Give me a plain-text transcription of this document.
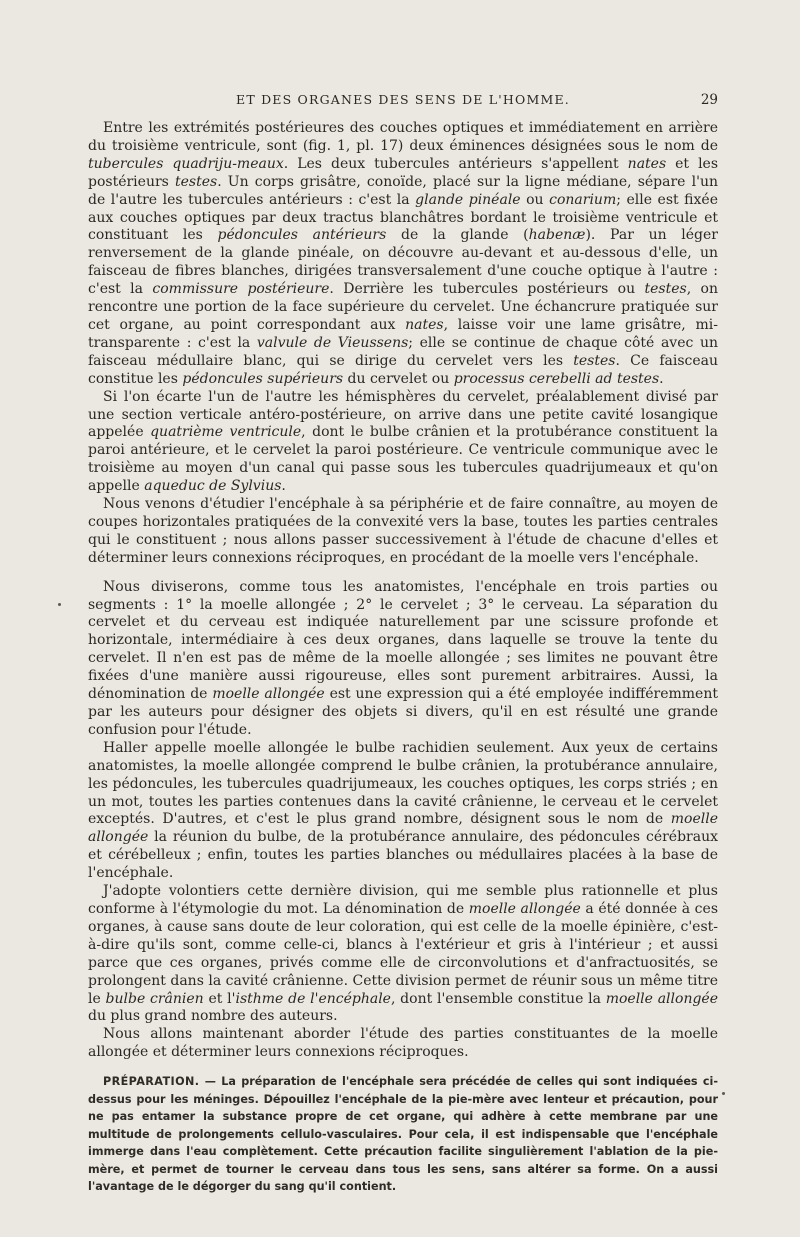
ET DES ORGANES DES SENS DE L'HOMME.	29

Entre les extrémités postérieures des couches optiques et immédiatement en arrière du troisième ventricule, sont (fig. 1, pl. 17) deux éminences désignées sous le nom de tubercules quadriju-meaux. Les deux tubercules antérieurs s'appellent nates et les postérieurs testes. Un corps grisâtre, conoïde, placé sur la ligne médiane, sépare l'un de l'autre les tubercules antérieurs : c'est la glande pinéale ou conarium; elle est fixée aux couches optiques par deux tractus blanchâtres bordant le troisième ventricule et constituant les pédoncules antérieurs de la glande (habenæ). Par un léger renversement de la glande pinéale, on découvre au-devant et au-dessous d'elle, un faisceau de fibres blanches, dirigées transversalement d'une couche optique à l'autre : c'est la commissure postérieure. Derrière les tubercules postérieurs ou testes, on rencontre une portion de la face supérieure du cervelet. Une échancrure pratiquée sur cet organe, au point correspondant aux nates, laisse voir une lame grisâtre, mi-transparente : c'est la valvule de Vieussens; elle se continue de chaque côté avec un faisceau médullaire blanc, qui se dirige du cervelet vers les testes. Ce faisceau constitue les pédoncules supérieurs du cervelet ou processus cerebelli ad testes.

Si l'on écarte l'un de l'autre les hémisphères du cervelet, préalablement divisé par une section verticale antéro-postérieure, on arrive dans une petite cavité losangique appelée quatrième ventricule, dont le bulbe crânien et la protubérance constituent la paroi antérieure, et le cervelet la paroi postérieure. Ce ventricule communique avec le troisième au moyen d'un canal qui passe sous les tubercules quadrijumeaux et qu'on appelle aqueduc de Sylvius.

Nous venons d'étudier l'encéphale à sa périphérie et de faire connaître, au moyen de coupes horizontales pratiquées de la convexité vers la base, toutes les parties centrales qui le constituent ; nous allons passer successivement à l'étude de chacune d'elles et déterminer leurs connexions réciproques, en procédant de la moelle vers l'encéphale.

Nous diviserons, comme tous les anatomistes, l'encéphale en trois parties ou segments : 1° la moelle allongée ; 2° le cervelet ; 3° le cerveau. La séparation du cervelet et du cerveau est indiquée naturellement par une scissure profonde et horizontale, intermédiaire à ces deux organes, dans laquelle se trouve la tente du cervelet. Il n'en est pas de même de la moelle allongée ; ses limites ne pouvant être fixées d'une manière aussi rigoureuse, elles sont purement arbitraires. Aussi, la dénomination de moelle allongée est une expression qui a été employée indifféremment par les auteurs pour désigner des objets si divers, qu'il en est résulté une grande confusion pour l'étude.

Haller appelle moelle allongée le bulbe rachidien seulement. Aux yeux de certains anatomistes, la moelle allongée comprend le bulbe crânien, la protubérance annulaire, les pédoncules, les tubercules quadrijumeaux, les couches optiques, les corps striés ; en un mot, toutes les parties contenues dans la cavité crânienne, le cerveau et le cervelet exceptés. D'autres, et c'est le plus grand nombre, désignent sous le nom de moelle allongée la réunion du bulbe, de la protubérance annulaire, des pédoncules cérébraux et cérébelleux ; enfin, toutes les parties blanches ou médullaires placées à la base de l'encéphale.

J'adopte volontiers cette dernière division, qui me semble plus rationnelle et plus conforme à l'étymologie du mot. La dénomination de moelle allongée a été donnée à ces organes, à cause sans doute de leur coloration, qui est celle de la moelle épinière, c'est-à-dire qu'ils sont, comme celle-ci, blancs à l'extérieur et gris à l'intérieur ; et aussi parce que ces organes, privés comme elle de circonvolutions et d'anfractuosités, se prolongent dans la cavité crânienne. Cette division permet de réunir sous un même titre le bulbe crânien et l'isthme de l'encéphale, dont l'ensemble constitue la moelle allongée du plus grand nombre des auteurs.

Nous allons maintenant aborder l'étude des parties constituantes de la moelle allongée et déterminer leurs connexions réciproques.

PRÉPARATION. — La préparation de l'encéphale sera précédée de celles qui sont indiquées ci-dessus pour les méninges. Dépouillez l'encéphale de la pie-mère avec lenteur et précaution, pour ne pas entamer la substance propre de cet organe, qui adhère à cette membrane par une multitude de prolongements cellulo-vasculaires. Pour cela, il est indispensable que l'encéphale immerge dans l'eau complètement. Cette précaution facilite singulièrement l'ablation de la pie-mère, et permet de tourner le cerveau dans tous les sens, sans altérer sa forme. On a aussi l'avantage de le dégorger du sang qu'il contient.
